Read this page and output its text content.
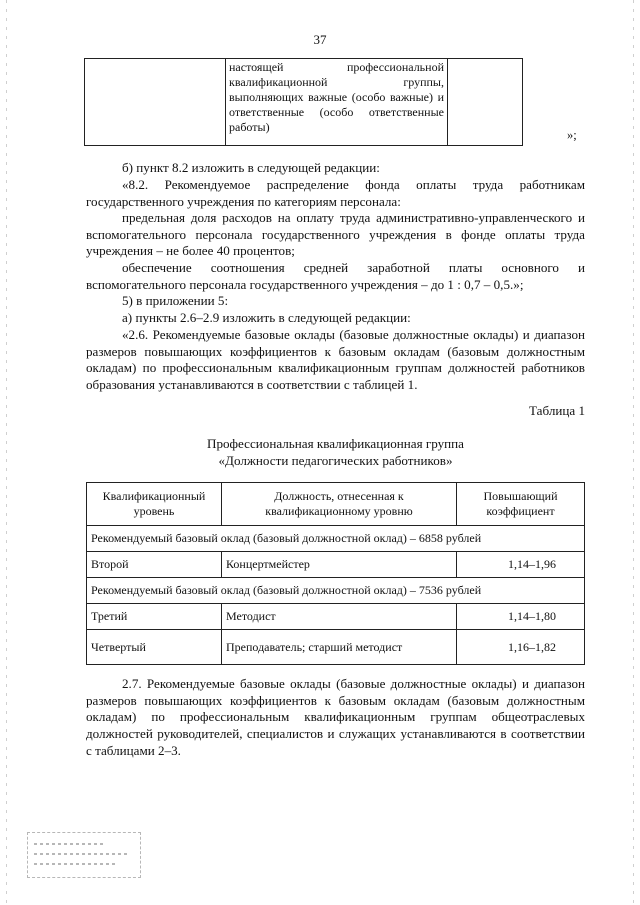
37
	настоящей профессиональной квалификационной группы, выполняющих важные (особо важные) и ответственные (особо ответственные работы)	
»;

б) пункт 8.2 изложить в следующей редакции:

«8.2. Рекомендуемое распределение фонда оплаты труда работникам государственного учреждения по категориям персонала:

предельная доля расходов на оплату труда административно-управленческого и вспомогательного персонала государственного учреждения в фонде оплаты труда учреждения – не более 40 процентов;

обеспечение соотношения средней заработной платы основного и вспомогательного персонала государственного учреждения – до 1 : 0,7 – 0,5.»;

5) в приложении 5:

а) пункты 2.6–2.9 изложить в следующей редакции:

«2.6. Рекомендуемые базовые оклады (базовые должностные оклады) и диапазон размеров повышающих коэффициентов к базовым окладам (базовым должностным окладам) по профессиональным квалификационным группам должностей работников образования устанавливаются в соответствии с таблицей 1.

Таблица 1
Профессиональная квалификационная группа
«Должности педагогических работников»
Квалификационный уровень	Должность, отнесенная к квалификационному уровню	Повышающий коэффициент
Рекомендуемый базовый оклад (базовый должностной оклад) – 6858 рублей		
Второй	Концертмейстер	1,14–1,96
Рекомендуемый базовый оклад (базовый должностной оклад) – 7536 рублей		
Третий	Методист	1,14–1,80
Четвертый	Преподаватель; старший методист	1,16–1,82

2.7. Рекомендуемые базовые оклады (базовые должностные оклады) и диапазон размеров повышающих коэффициентов к базовым окладам (базовым должностным окладам) по профессиональным квалификационным группам общеотраслевых должностей руководителей, специалистов и служащих устанавливаются в соответствии с таблицами 2–3.
